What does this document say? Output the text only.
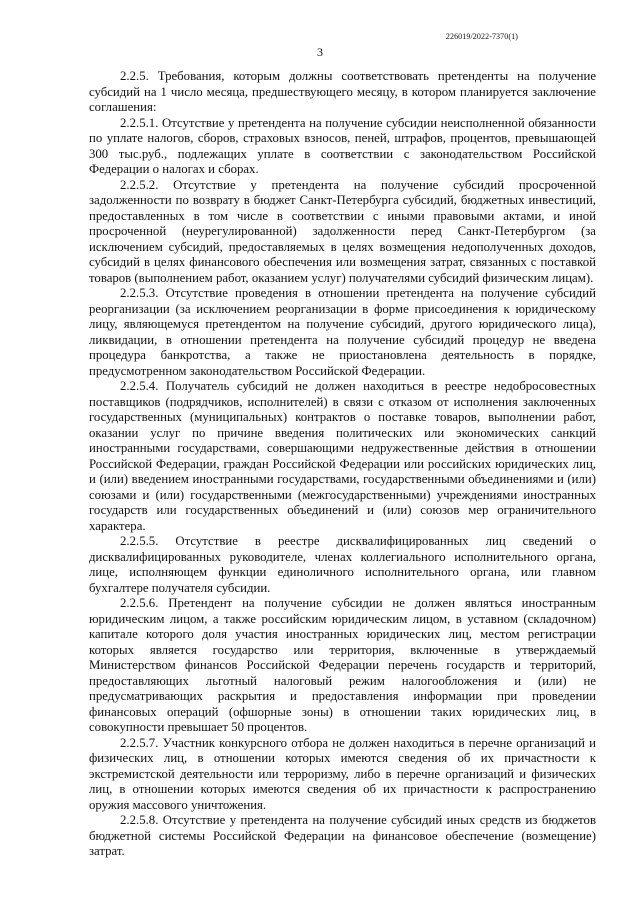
226019/2022-7370(1)
3

2.2.5. Требования, которым должны соответствовать претенденты на получение субсидий на 1 число месяца, предшествующего месяцу, в котором планируется заключение соглашения:

2.2.5.1. Отсутствие у претендента на получение субсидии неисполненной обязанности по уплате налогов, сборов, страховых взносов, пеней, штрафов, процентов, превышающей 300 тыс.руб., подлежащих уплате в соответствии с законодательством Российской Федерации о налогах и сборах.

2.2.5.2. Отсутствие у претендента на получение субсидий просроченной задолженности по возврату в бюджет Санкт-Петербурга субсидий, бюджетных инвестиций, предоставленных в том числе в соответствии с иными правовыми актами, и иной просроченной (неурегулированной) задолженности перед Санкт-Петербургом (за исключением субсидий, предоставляемых в целях возмещения недополученных доходов, субсидий в целях финансового обеспечения или возмещения затрат, связанных с поставкой товаров (выполнением работ, оказанием услуг) получателями субсидий физическим лицам).

2.2.5.3. Отсутствие проведения в отношении претендента на получение субсидий реорганизации (за исключением реорганизации в форме присоединения к юридическому лицу, являющемуся претендентом на получение субсидий, другого юридического лица), ликвидации, в отношении претендента на получение субсидий процедур не введена процедура банкротства, а также не приостановлена деятельность в порядке, предусмотренном законодательством Российской Федерации.

2.2.5.4. Получатель субсидий не должен находиться в реестре недобросовестных поставщиков (подрядчиков, исполнителей) в связи с отказом от исполнения заключенных государственных (муниципальных) контрактов о поставке товаров, выполнении работ, оказании услуг по причине введения политических или экономических санкций иностранными государствами, совершающими недружественные действия в отношении Российской Федерации, граждан Российской Федерации или российских юридических лиц, и (или) введением иностранными государствами, государственными объединениями и (или) союзами и (или) государственными (межгосударственными) учреждениями иностранных государств или государственных объединений и (или) союзов мер ограничительного характера.

2.2.5.5. Отсутствие в реестре дисквалифицированных лиц сведений о дисквалифицированных руководителе, членах коллегиального исполнительного органа, лице, исполняющем функции единоличного исполнительного органа, или главном бухгалтере получателя субсидии.

2.2.5.6. Претендент на получение субсидии не должен являться иностранным юридическим лицом, а также российским юридическим лицом, в уставном (складочном) капитале которого доля участия иностранных юридических лиц, местом регистрации которых является государство или территория, включенные в утверждаемый Министерством финансов Российской Федерации перечень государств и территорий, предоставляющих льготный налоговый режим налогообложения и (или) не предусматривающих раскрытия и предоставления информации при проведении финансовых операций (офшорные зоны) в отношении таких юридических лиц, в совокупности превышает 50 процентов.

2.2.5.7. Участник конкурсного отбора не должен находиться в перечне организаций и физических лиц, в отношении которых имеются сведения об их причастности к экстремистской деятельности или терроризму, либо в перечне организаций и физических лиц, в отношении которых имеются сведения об их причастности к распространению оружия массового уничтожения.

2.2.5.8. Отсутствие у претендента на получение субсидий иных средств из бюджетов бюджетной системы Российской Федерации на финансовое обеспечение (возмещение) затрат.
